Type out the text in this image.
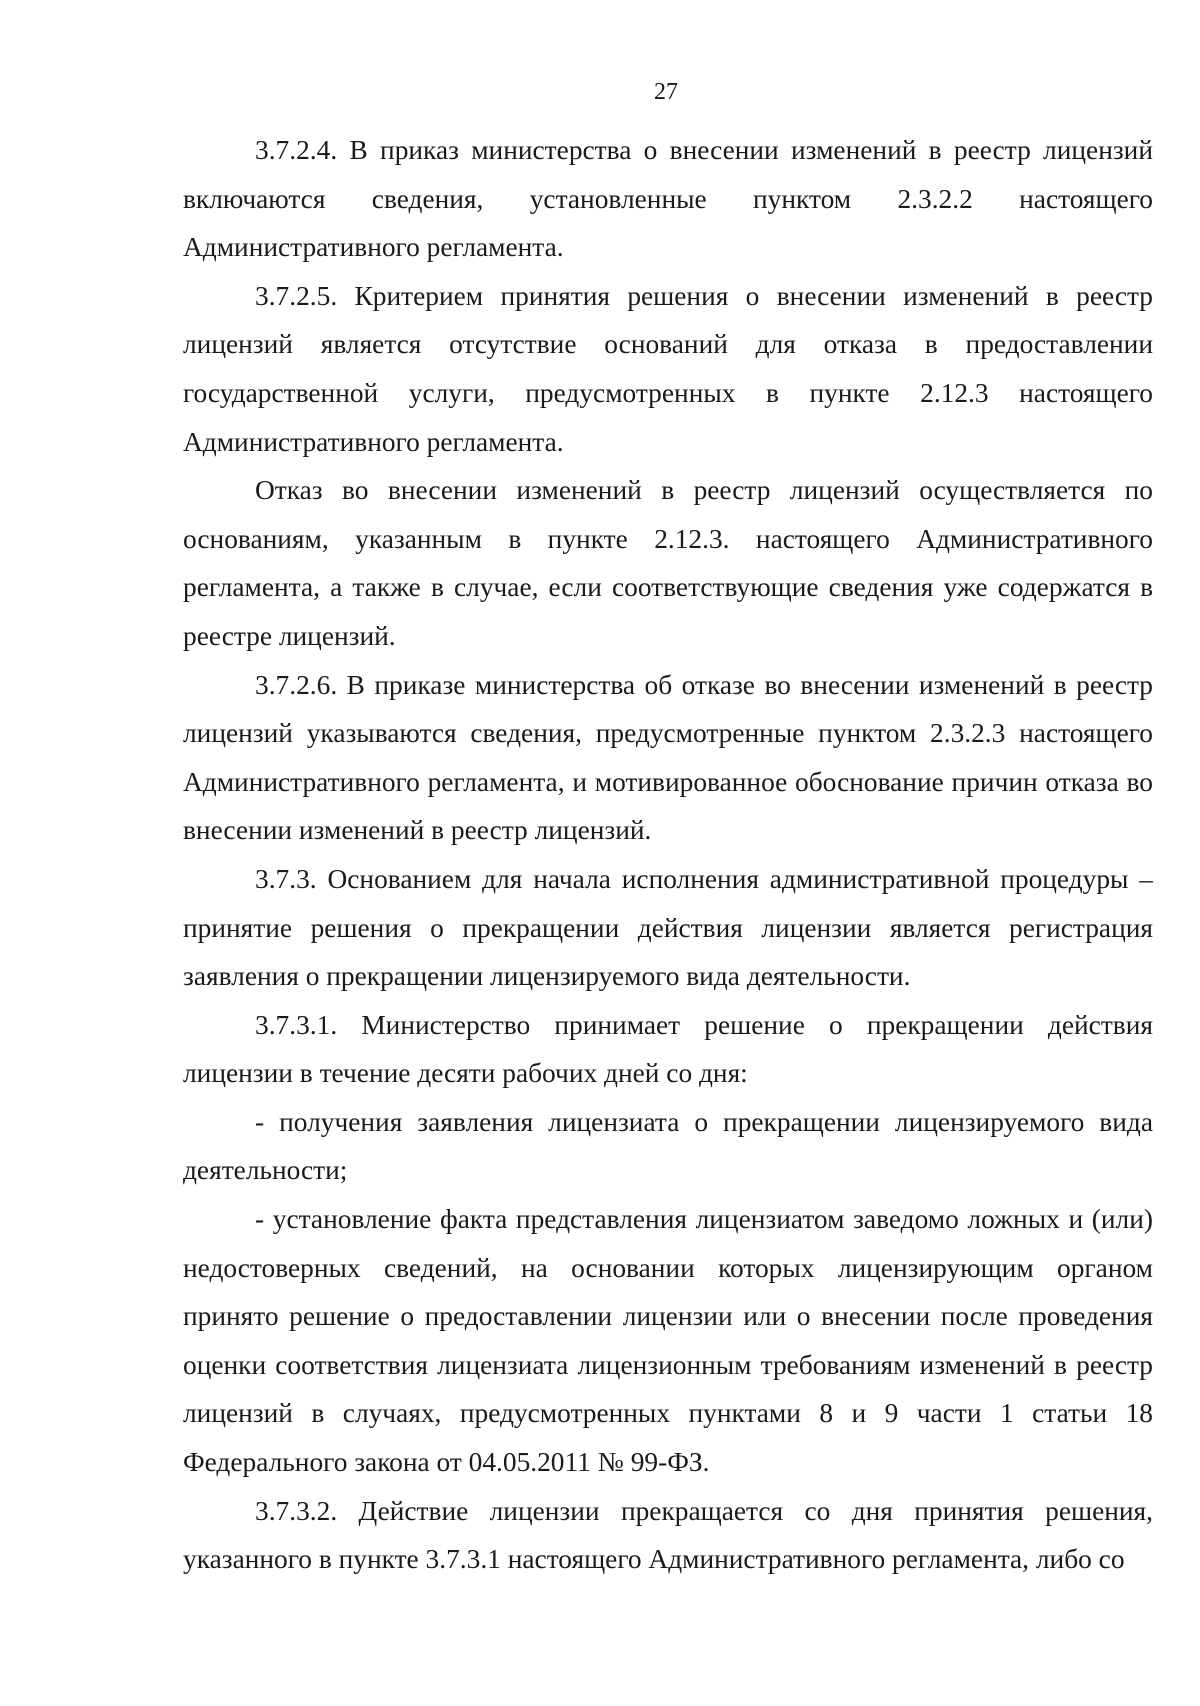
27

3.7.2.4. В приказ министерства о внесении изменений в реестр лицензий включаются сведения, установленные пунктом 2.3.2.2 настоящего Административного регламента.

3.7.2.5. Критерием принятия решения о внесении изменений в реестр лицензий является отсутствие оснований для отказа в предоставлении государственной услуги, предусмотренных в пункте 2.12.3 настоящего Административного регламента.

Отказ во внесении изменений в реестр лицензий осуществляется по основаниям, указанным в пункте 2.12.3. настоящего Административного регламента, а также в случае, если соответствующие сведения уже содержатся в реестре лицензий.

3.7.2.6. В приказе министерства об отказе во внесении изменений в реестр лицензий указываются сведения, предусмотренные пунктом 2.3.2.3 настоящего Административного регламента, и мотивированное обоснование причин отказа во внесении изменений в реестр лицензий.

3.7.3. Основанием для начала исполнения административной процедуры – принятие решения о прекращении действия лицензии является регистрация заявления о прекращении лицензируемого вида деятельности.

3.7.3.1. Министерство принимает решение о прекращении действия лицензии в течение десяти рабочих дней со дня:

- получения заявления лицензиата о прекращении лицензируемого вида деятельности;

- установление факта представления лицензиатом заведомо ложных и (или) недостоверных сведений, на основании которых лицензирующим органом принято решение о предоставлении лицензии или о внесении после проведения оценки соответствия лицензиата лицензионным требованиям изменений в реестр лицензий в случаях, предусмотренных пунктами 8 и 9 части 1 статьи 18 Федерального закона от 04.05.2011 № 99-ФЗ.

3.7.3.2. Действие лицензии прекращается со дня принятия решения, указанного в пункте 3.7.3.1 настоящего Административного регламента, либо со
